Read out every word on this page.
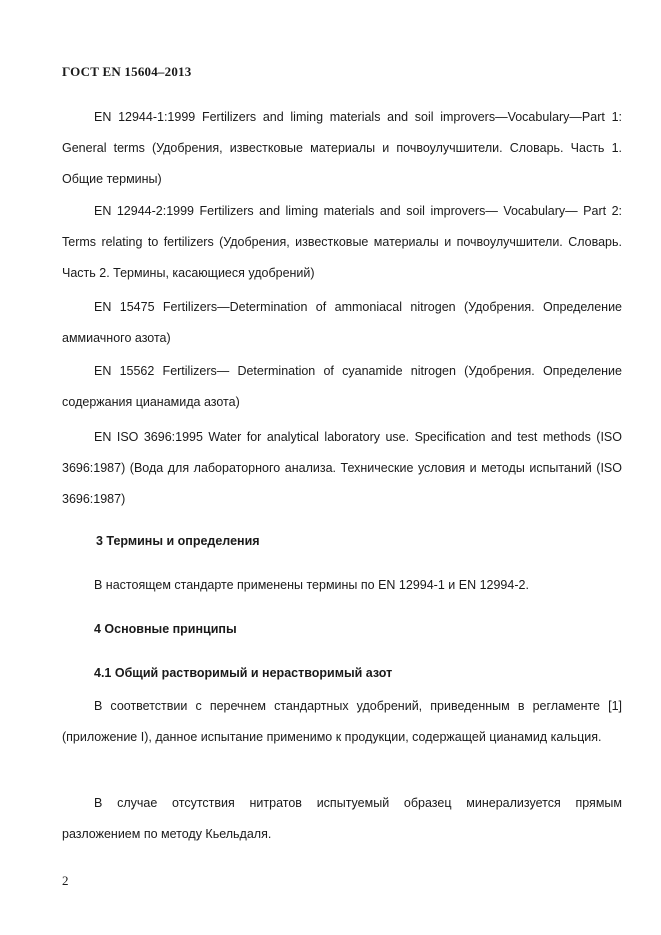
ГОСТ EN 15604–2013

EN 12944-1:1999 Fertilizers and liming materials and soil improvers—Vocabulary—Part 1: General terms (Удобрения, известковые материалы и почвоулучшители. Словарь. Часть 1. Общие термины)

EN 12944-2:1999 Fertilizers and liming materials and soil improvers— Vocabulary— Part 2: Terms relating to fertilizers (Удобрения, известковые материалы и почвоулучшители. Словарь. Часть 2. Термины, касающиеся удобрений)

EN 15475 Fertilizers—Determination of ammoniacal nitrogen (Удобрения. Определение аммиачного азота)

EN 15562 Fertilizers— Determination of cyanamide nitrogen (Удобрения. Определение содержания цианамида азота)

EN ISO 3696:1995 Water for analytical laboratory use. Specification and test methods (ISO 3696:1987) (Вода для лабораторного анализа. Технические условия и методы испытаний (ISO 3696:1987)

3 Термины и определения

В настоящем стандарте применены термины по EN 12994-1 и EN 12994-2.

4 Основные принципы
4.1 Общий растворимый и нерастворимый азот

В соответствии с перечнем стандартных удобрений, приведенным в регламенте [1] (приложение I), данное испытание применимо к продукции, содержащей цианамид кальция.

В случае отсутствия нитратов испытуемый образец минерализуется прямым разложением по методу Кьельдаля.

2
